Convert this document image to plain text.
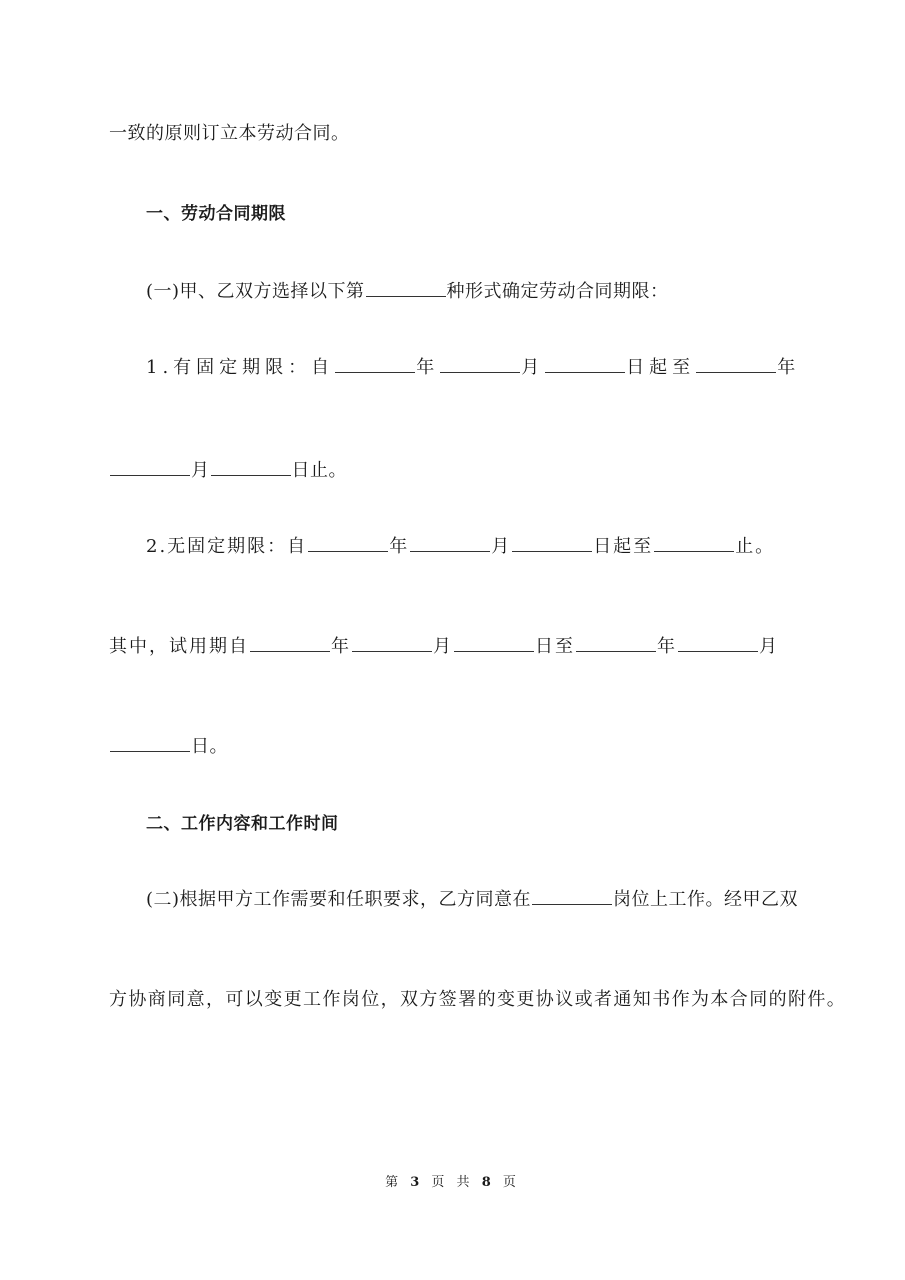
一致的原则订立本劳动合同。
一、劳动合同期限
(一)甲、乙双方选择以下第	种形式确定劳动合同期限：
1.有固定期限：自	年	月	日起至	年
月	日止。
2.无固定期限：自	年	月	日起至	止。
其中，试用期自	年	月	日至	年	月
日。
二、工作内容和工作时间
(二)根据甲方工作需要和任职要求，乙方同意在	岗位上工作。经甲乙双
方协商同意，可以变更工作岗位，双方签署的变更协议或者通知书作为本合同的附件。
第 3 页 共 8 页
